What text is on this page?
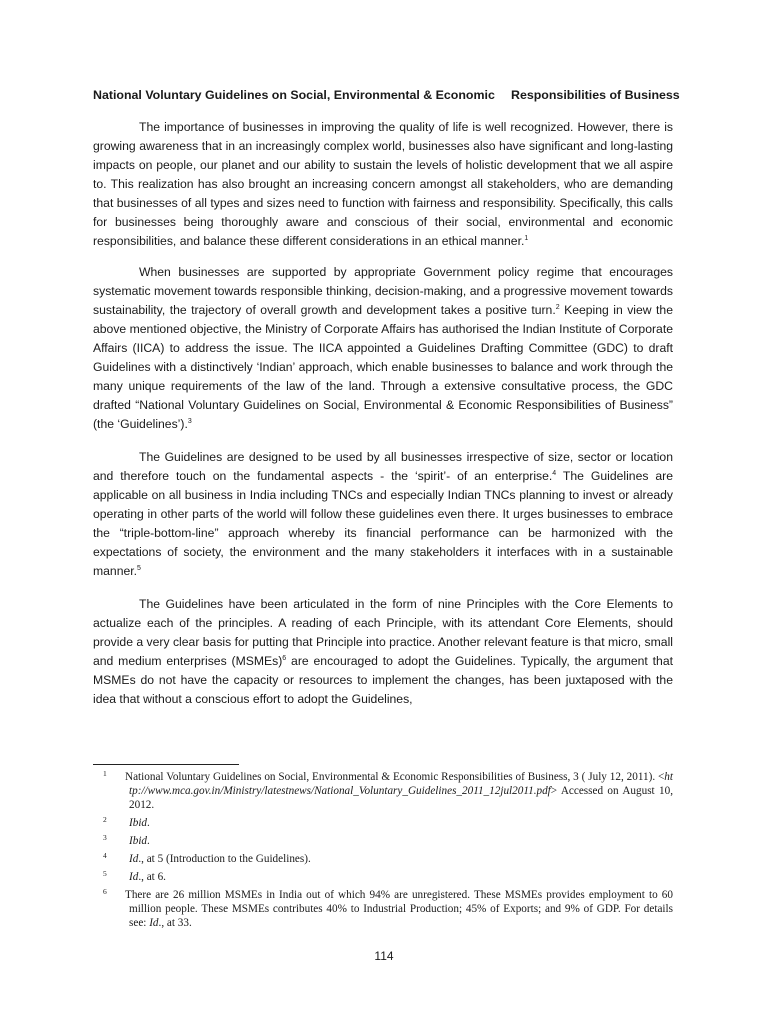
National Voluntary Guidelines on Social, Environmental & Economic Responsibilities of Business

The importance of businesses in improving the quality of life is well recognized. However, there is growing awareness that in an increasingly complex world, businesses also have significant and long-lasting impacts on people, our planet and our ability to sustain the levels of holistic development that we all aspire to. This realization has also brought an increasing concern amongst all stakeholders, who are demanding that businesses of all types and sizes need to function with fairness and responsibility. Specifically, this calls for businesses being thoroughly aware and conscious of their social, environmental and economic responsibilities, and balance these different considerations in an ethical manner.$^1$

When businesses are supported by appropriate Government policy regime that encourages systematic movement towards responsible thinking, decision-making, and a progressive movement towards sustainability, the trajectory of overall growth and development takes a positive turn.$^2$ Keeping in view the above mentioned objective, the Ministry of Corporate Affairs has authorised the Indian Institute of Corporate Affairs (IICA) to address the issue. The IICA appointed a Guidelines Drafting Committee (GDC) to draft Guidelines with a distinctively ‘Indian’ approach, which enable businesses to balance and work through the many unique requirements of the law of the land. Through a extensive consultative process, the GDC drafted “National Voluntary Guidelines on Social, Environmental & Economic Responsibilities of Business” (the ‘Guidelines’).$^3$

The Guidelines are designed to be used by all businesses irrespective of size, sector or location and therefore touch on the fundamental aspects - the ‘spirit’- of an enterprise.$^4$ The Guidelines are applicable on all business in India including TNCs and especially Indian TNCs planning to invest or already operating in other parts of the world will follow these guidelines even there. It urges businesses to embrace the “triple-bottom-line” approach whereby its financial performance can be harmonized with the expectations of society, the environment and the many stakeholders it interfaces with in a sustainable manner.$^5$

The Guidelines have been articulated in the form of nine Principles with the Core Elements to actualize each of the principles. A reading of each Principle, with its attendant Core Elements, should provide a very clear basis for putting that Principle into practice. Another relevant feature is that micro, small and medium enterprises (MSMEs)$^6$ are encouraged to adopt the Guidelines. Typically, the argument that MSMEs do not have the capacity or resources to implement the changes, has been juxtaposed with the idea that without a conscious effort to adopt the Guidelines,

1 National Voluntary Guidelines on Social, Environmental & Economic Responsibilities of Business, 3 ( July 12, 2011). <http://www.mca.gov.in/Ministry/latestnews/National_Voluntary_Guidelines_2011_12jul2011.pdf> Accessed on August 10, 2012.
2 Ibid.
3 Ibid.
4 Id., at 5 (Introduction to the Guidelines).
5 Id., at 6.
6 There are 26 million MSMEs in India out of which 94% are unregistered. These MSMEs provides employment to 60 million people. These MSMEs contributes 40% to Industrial Production; 45% of Exports; and 9% of GDP. For details see: Id., at 33.
114
